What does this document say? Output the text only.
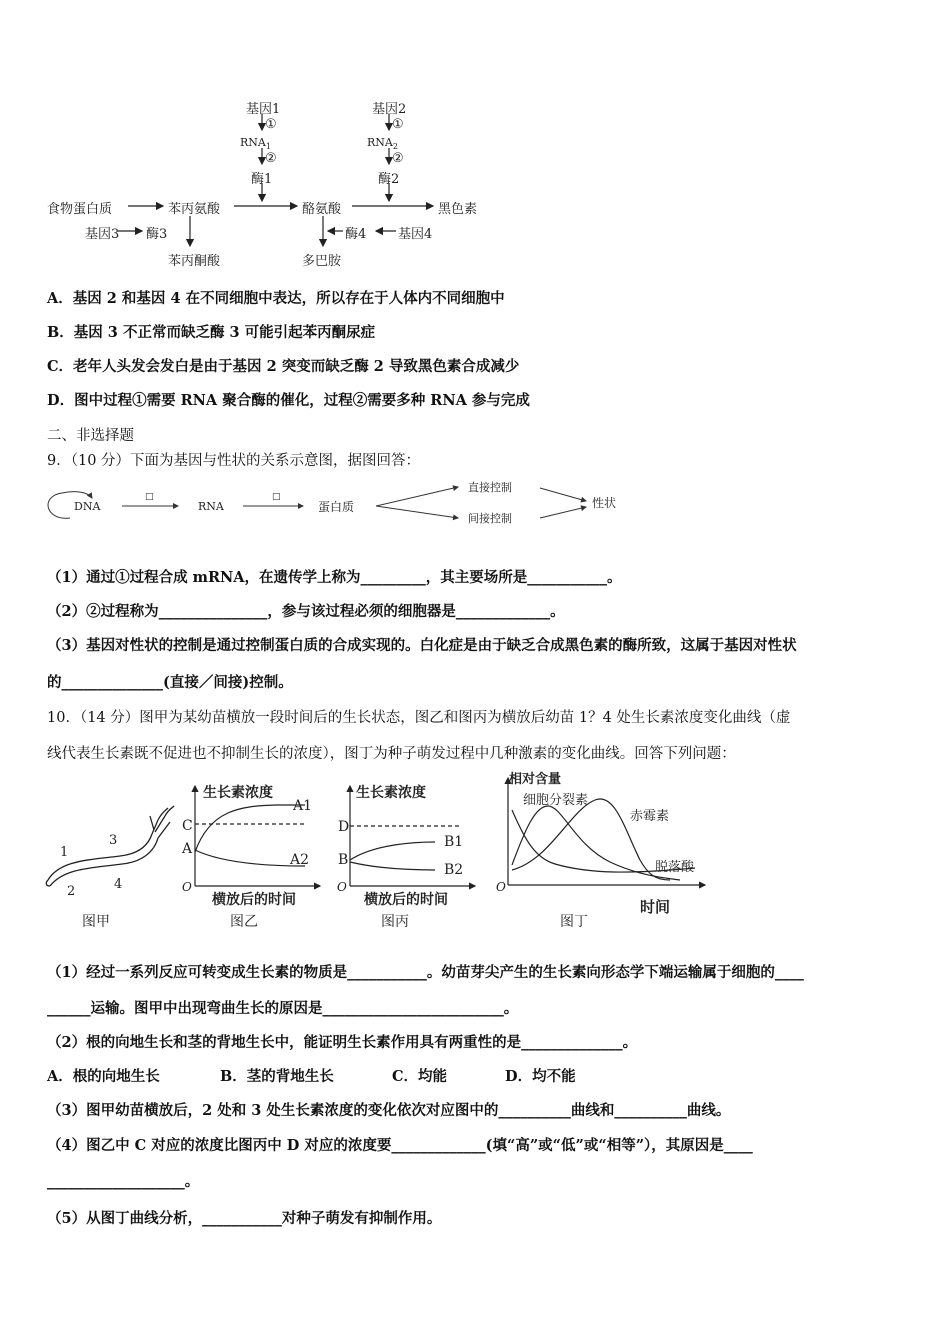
基因1
①
$RNA_1$
②
酶1
基因2
①
$RNA_2$
②
酶2
食物蛋白质	苯丙氨酸	酪氨酸	黑色素
基因3 酶3
苯丙酮酸	多巴胺
酶4 基因4
A．基因 2 和基因 4 在不同细胞中表达，所以存在于人体内不同细胞中
B．基因 3 不正常而缺乏酶 3 可能引起苯丙酮尿症
C．老年人头发会发白是由于基因 2 突变而缺乏酶 2 导致黑色素合成减少
D．图中过程①需要 RNA 聚合酶的催化，过程②需要多种 RNA 参与完成
二、非选择题
9．（10 分）下面为基因与性状的关系示意图，据图回答：
DNA
□
RNA
□
蛋白质
直接控制
间接控制
性状
（1）通过①过程合成 mRNA，在遗传学上称为_________，其主要场所是___________。
（2）②过程称为_______________，参与该过程必须的细胞器是_____________。
（3）基因对性状的控制是通过控制蛋白质的合成实现的。白化症是由于缺乏合成黑色素的酶所致，这属于基因对性状
的______________(直接／间接)控制。
10．（14 分）图甲为某幼苗横放一段时间后的生长状态，图乙和图丙为横放后幼苗 1？4 处生长素浓度变化曲线（虚
线代表生长素既不促进也不抑制生长的浓度），图丁为种子萌发过程中几种激素的变化曲线。回答下列问题：
1
2
3
4
图甲
生长素浓度
C
A
A1
A2
O
横放后的时间
图乙
生长素浓度
D
B
B1
B2
O
横放后的时间
图丙
相对含量
细胞分裂素
赤霉素
脱落酸
O
时间
图丁
（1）经过一系列反应可转变成生长素的物质是___________。幼苗芽尖产生的生长素向形态学下端运输属于细胞的____
______运输。图甲中出现弯曲生长的原因是_________________________。
（2）根的向地生长和茎的背地生长中，能证明生长素作用具有两重性的是______________。
A．根的向地生长	B．茎的背地生长	C．均能	D．均不能
（3）图甲幼苗横放后，2 处和 3 处生长素浓度的变化依次对应图中的__________曲线和__________曲线。
（4）图乙中 C 对应的浓度比图丙中 D 对应的浓度要_____________(填“高”或“低”或“相等”），其原因是____
___________________。
（5）从图丁曲线分析，___________对种子萌发有抑制作用。
